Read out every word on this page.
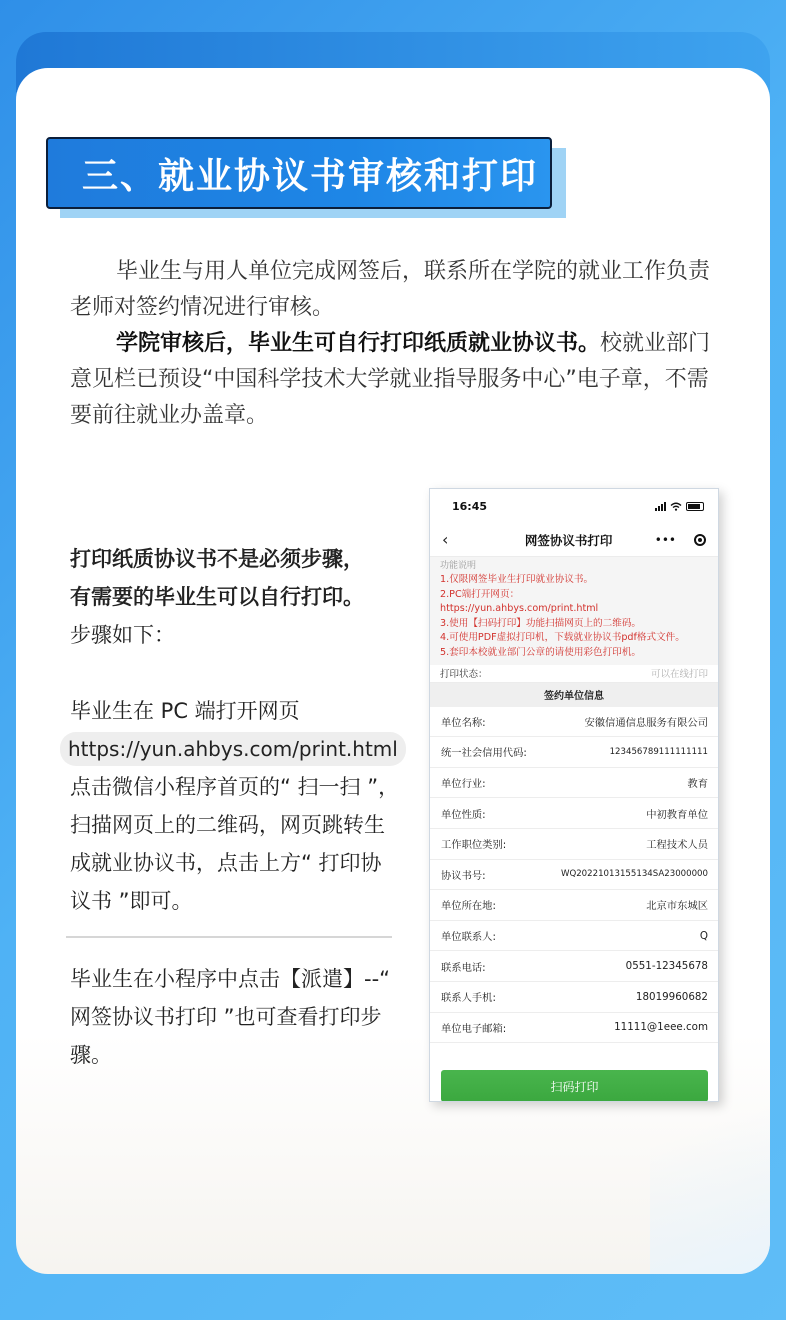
三、就业协议书审核和打印

毕业生与用人单位完成网签后，联系所在学院的就业工作负责老师对签约情况进行审核。

学院审核后，毕业生可自行打印纸质就业协议书。校就业部门意见栏已预设“中国科学技术大学就业指导服务中心”电子章，不需要前往就业办盖章。

打印纸质协议书不是必须步骤，
有需要的毕业生可以自行打印。
步骤如下：
毕业生在 PC 端打开网页
https://yun.ahbys.com/print.html
点击微信小程序首页的“ 扫一扫 ”，扫描网页上的二维码，网页跳转生成就业协议书，点击上方“ 打印协议书 ”即可。
毕业生在小程序中点击【派遣】--“ 网签协议书打印 ”也可查看打印步骤。
16:45
‹	网签协议书打印	•••
功能说明
1.仅限网签毕业生打印就业协议书。
2.PC端打开网页：
https://yun.ahbys.com/print.html
3.使用【扫码打印】功能扫描网页上的二维码。
4.可使用PDF虚拟打印机，下载就业协议书pdf格式文件。
5.套印本校就业部门公章的请使用彩色打印机。
打印状态：	可以在线打印
签约单位信息
单位名称:	安徽信通信息服务有限公司
统一社会信用代码:	123456789111111111
单位行业:	教育
单位性质:	中初教育单位
工作职位类别:	工程技术人员
协议书号:	WQ20221013155134SA23000000
单位所在地:	北京市东城区
单位联系人:	Q
联系电话:	0551-12345678
联系人手机:	18019960682
单位电子邮箱:	11111@1eee.com
扫码打印
